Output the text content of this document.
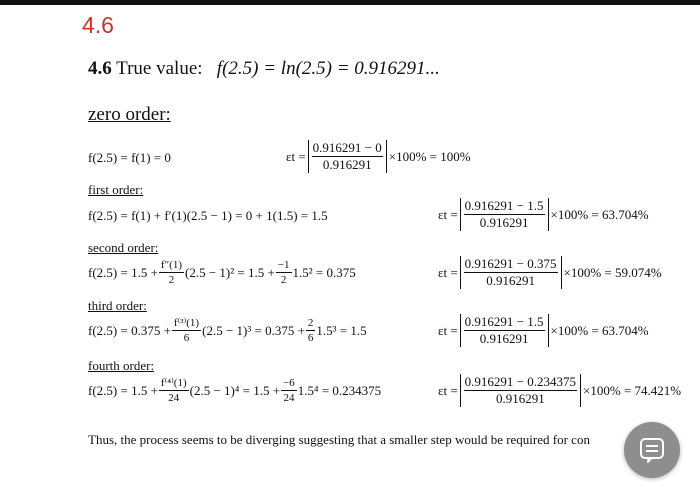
4.6
4.6 True value: f(2.5) = ln(2.5) = 0.916291...
zero order:
f(2.5) = f(1) = 0	$\varepsilon t = \frac{0.916291 - 0}{0.916291} \times 100\% = 100\%$
first order:
f(2.5) = f(1) + f′(1)(2.5 − 1) = 0 + 1(1.5) = 1.5	$\varepsilon t = \frac{0.916291 - 1.5}{0.916291} \times 100\% = 63.704\%$
second order:
$f(2.5) = 1.5 + \frac{f''(1)}{2} (2.5 - 1)^2 = 1.5 + \frac{-1}{2} 1.5^2 = 0.375$	$\varepsilon t = \frac{0.916291 - 0.375}{0.916291} \times 100\% = 59.074\%$
third order:
$f(2.5) = 0.375 + \frac{\text{f⁽³⁾(1)}}{6} (2.5 - 1)^3 = 0.375 + \frac{2}{6} 1.5^3 = 1.5$	$\varepsilon t = \frac{0.916291 - 1.5}{0.916291} \times 100\% = 63.704\%$
fourth order:
$f(2.5) = 1.5 + \frac{\text{f⁽⁴⁾(1)}}{24} (2.5 - 1)^4 = 1.5 + \frac{-6}{24} 1.5^4 = 0.234375$	$\varepsilon t = \frac{0.916291 - 0.234375}{0.916291} \times 100\% = 74.421\%$
Thus, the process seems to be diverging suggesting that a smaller step would be required for con
